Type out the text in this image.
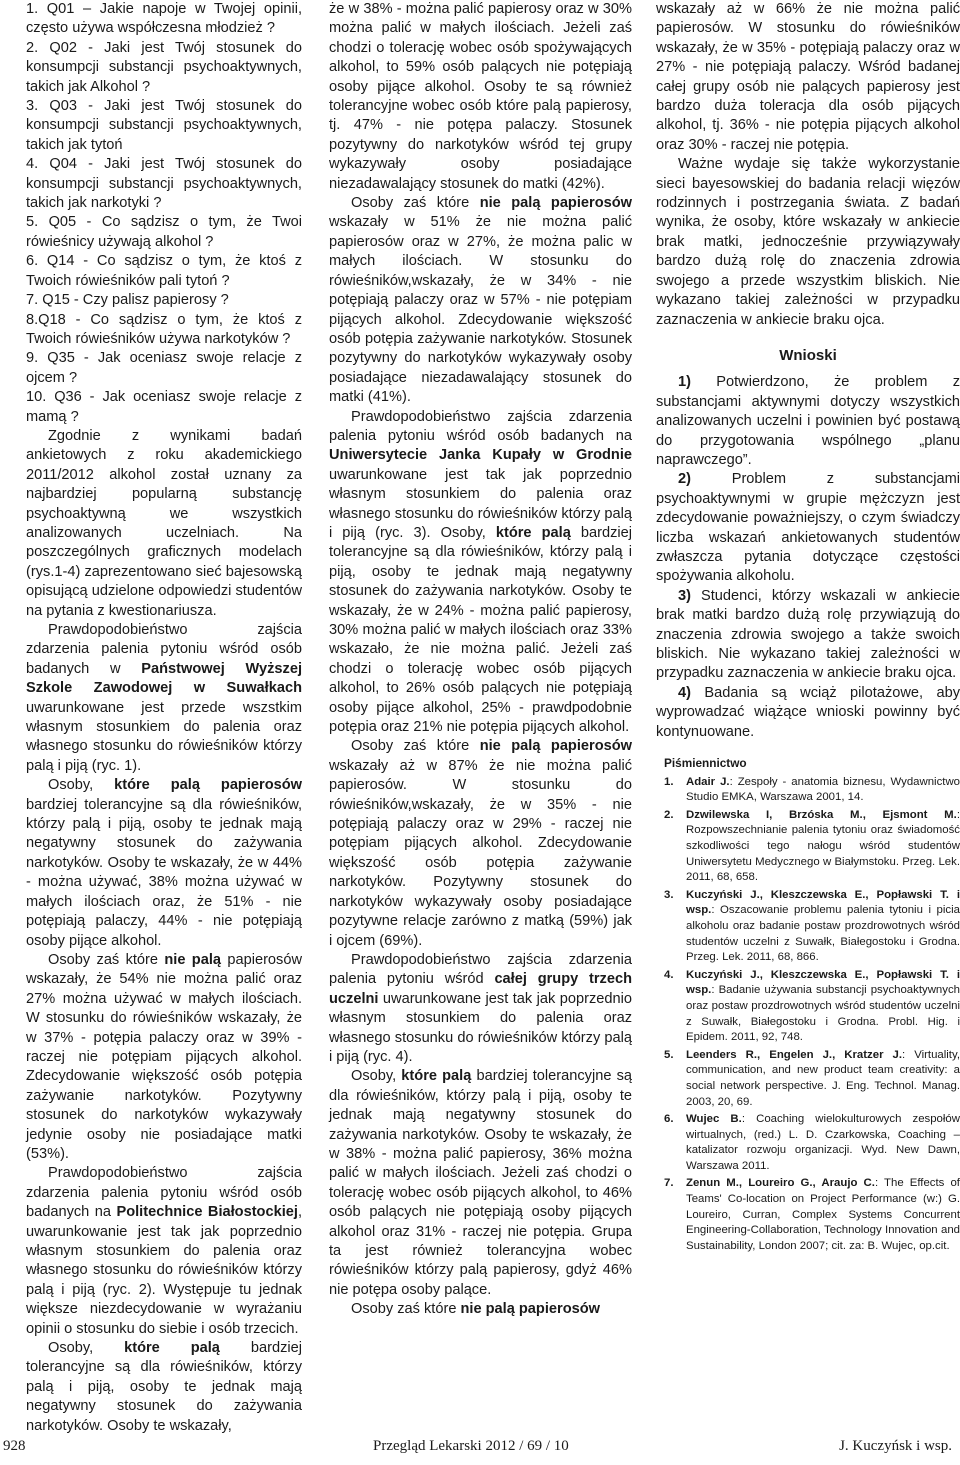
1. Q01 – Jakie napoje w Twojej opinii, często używa współczesna młodzież ?

2. Q02 - Jaki jest Twój stosunek do konsumpcji substancji psychoaktywnych, takich jak Alkohol ?

3. Q03 - Jaki jest Twój stosunek do konsumpcji substancji psychoaktywnych, takich jak tytoń

4. Q04 - Jaki jest Twój stosunek do konsumpcji substancji psychoaktywnych, takich jak narkotyki ?

5. Q05 - Co sądzisz o tym, że Twoi rówieśnicy używają alkohol ?

6. Q14 - Co sądzisz o tym, że ktoś z Twoich rówieśników pali tytoń ?

7. Q15 - Czy palisz papierosy ?

8.Q18 - Co sądzisz o tym, że ktoś z Twoich rówieśników używa narkotyków ?

9. Q35 - Jak oceniasz swoje relacje z ojcem ?

10. Q36 - Jak oceniasz swoje relacje z mamą ?

Zgodnie z wynikami badań ankietowych z roku akademickiego 2011/2012 alkohol został uznany za najbardziej popularną substancję psychoaktywną we wszystkich analizowanych uczelniach. Na poszczególnych graficznych modelach (rys.1-4) zaprezentowano sieć bajesowską opisującą udzielone odpowiedzi studentów na pytania z kwestionariusza.

Prawdopodobieństwo zajścia zdarzenia palenia pytoniu wśród osób badanych w Państwowej Wyższej Szkole Zawodowej w Suwałkach uwarunkowane jest przede wszstkim własnym stosunkiem do palenia oraz własnego stosunku do rówieśników którzy palą i piją (ryc. 1).

Osoby, które palą papierosów bardziej tolerancyjne są dla rówieśników, którzy palą i piją, osoby te jednak mają negatywny stosunek do zażywania narkotyków. Osoby te wskazały, że w 44% - można używać, 38% można używać w małych ilościach oraz, że 51% - nie potępiają palaczy, 44% - nie potępiają osoby pijące alkohol.

Osoby zaś które nie palą papierosów wskazały, że 54% nie można palić oraz 27% można używać w małych ilościach. W stosunku do rówieśników wskazały, że w 37% - potępia palaczy oraz w 39% - raczej nie potępiam pijących alkohol. Zdecydowanie większość osób potępia zażywanie narkotyków. Pozytywny stosunek do narkotyków wykazywały jedynie osoby nie posiadające matki (53%).

Prawdopodobieństwo zajścia zdarzenia palenia pytoniu wśród osób badanych na Politechnice Białostockiej, uwarunkowanie jest tak jak poprzednio własnym stosunkiem do palenia oraz własnego stosunku do rówieśników którzy palą i piją (ryc. 2). Występuje tu jednak większe niezdecydowanie w wyrażaniu opinii o stosunku do siebie i osób trzecich.

Osoby, które palą bardziej tolerancyjne są dla rówieśników, którzy palą i piją, osoby te jednak mają negatywny stosunek do zażywania narkotyków. Osoby te wskazały,

że w 38% - można palić papierosy oraz w 30% można palić w małych ilościach. Jeżeli zaś chodzi o tolerację wobec osób spożywających alkohol, to 59% osób palących nie potępiają osoby pijące alkohol. Osoby te są również tolerancyjne wobec osób które palą papierosy, tj. 47% - nie potępa palaczy. Stosunek pozytywny do narkotyków wśród tej grupy wykazywały osoby posiadające niezadawalający stosunek do matki (42%).

Osoby zaś które nie palą papierosów wskazały w 51% że nie można palić papierosów oraz w 27%, że można palic w małych ilościach. W stosunku do rówieśników,wskazały, że w 34% - nie potępiają palaczy oraz w 57% - nie potępiam pijących alkohol. Zdecydowanie większość osób potępia zażywanie narkotyków. Stosunek pozytywny do narkotyków wykazywały osoby posiadające niezadawalający stosunek do matki (41%).

Prawdopodobieństwo zajścia zdarzenia palenia pytoniu wśród osób badanych na Uniwersytecie Janka Kupały w Grodnie uwarunkowane jest tak jak poprzednio własnym stosunkiem do palenia oraz własnego stosunku do rówieśników którzy palą i piją (ryc. 3). Osoby, które palą bardziej tolerancyjne są dla rówieśników, którzy palą i piją, osoby te jednak mają negatywny stosunek do zażywania narkotyków. Osoby te wskazały, że w 24% - można palić papierosy, 30% można palić w małych ilościach oraz 33% wskazało, że nie można palić. Jeżeli zaś chodzi o tolerację wobec osób pijących alkohol, to 26% osób palących nie potępiają osoby pijące alkohol, 25% - prawdpodobnie potępia oraz 21% nie potępia pijących alkohol.

Osoby zaś które nie palą papierosów wskazały aż w 87% że nie można palić papierosów. W stosunku do rówieśników,wskazały, że w 35% - nie potępiają palaczy oraz w 29% - raczej nie potępiam pijących alkohol. Zdecydowanie większość osób potępia zażywanie narkotyków. Pozytywny stosunek do narkotyków wykazywały osoby posiadające pozytywne relacje zarówno z matką (59%) jak i ojcem (69%).

Prawdopodobieństwo zajścia zdarzenia palenia pytoniu wśród całej grupy trzech uczelni uwarunkowane jest tak jak poprzednio własnym stosunkiem do palenia oraz własnego stosunku do rówieśników którzy palą i piją (ryc. 4).

Osoby, które palą bardziej tolerancyjne są dla rówieśników, którzy palą i piją, osoby te jednak mają negatywny stosunek do zażywania narkotyków. Osoby te wskazały, że w 38% - można palić papierosy, 36% można palić w małych ilościach. Jeżeli zaś chodzi o tolerację wobec osób pijących alkohol, to 46% osób palących nie potępiają osoby pijących alkohol oraz 31% - raczej nie potępia. Grupa ta jest również tolerancyjna wobec rówieśników którzy palą papierosy, gdyż 46% nie potępa osoby palące.

Osoby zaś które nie palą papierosów

wskazały aż w 66% że nie można palić papierosów. W stosunku do rówieśników wskazały, że w 35% - potępiają palaczy oraz w 27% - nie potępiają palaczy. Wśród badanej całej grupy osób nie palących papierosy jest bardzo duża toleracja dla osób pijących alkohol, tj. 36% - nie potępia pijących alkohol oraz 30% - raczej nie potępia.

Ważne wydaje się także wykorzystanie sieci bayesowskiej do badania relacji więzów rodzinnych i postrzegania świata. Z badań wynika, że osoby, które wskazały w ankiecie brak matki, jednocześnie przywiązywały bardzo dużą rolę do znaczenia zdrowia swojego a przede wszystkim bliskich. Nie wykazano takiej zależności w przypadku zaznaczenia w ankiecie braku ojca.

Wnioski

1) Potwierdzono, że problem z substancjami aktywnymi dotyczy wszystkich analizowanych uczelni i powinien być postawą do przygotowania wspólnego „planu naprawczego”.

2) Problem z substancjami psychoaktywnymi w grupie mężczyzn jest zdecydowanie poważniejszy, o czym świadczy liczba wskazań ankietowanych studentów zwłaszcza pytania dotyczące częstości spożywania alkoholu.

3) Studenci, którzy wskazali w ankiecie brak matki bardzo dużą rolę przywiązują do znaczenia zdrowia swojego a także swoich bliskich. Nie wykazano takiej zależności w przypadku zaznaczenia w ankiecie braku ojca.

4) Badania są wciąż pilotażowe, aby wyprowadzać wiążące wnioski powinny być kontynuowane.

Piśmiennictwo
1. Adair J.: Zespoły - anatomia biznesu, Wydawnictwo Studio EMKA, Warszawa 2001, 14.
2. Dzwilewska I, Brzóska M., Ejsmont M.: Rozpowszechnianie palenia tytoniu oraz świadomość szkodliwości tego nałogu wśród studentów Uniwersytetu Medycznego w Białymstoku. Przeg. Lek. 2011, 68, 658.
3. Kuczyński J., Kleszczewska E., Popławski T. i wsp.: Oszacowanie problemu palenia tytoniu i picia alkoholu oraz badanie postaw prozdrowotnych wśród studentów uczelni z Suwałk, Białegostoku i Grodna. Przeg. Lek. 2011, 68, 866.
4. Kuczyński J., Kleszczewska E., Popławski T. i wsp.: Badanie używania substancji psychoaktywnych oraz postaw prozdrowotnych wśród studentów uczelni z Suwałk, Białegostoku i Grodna. Probl. Hig. i Epidem. 2011, 92, 748.
5. Leenders R., Engelen J., Kratzer J.: Virtuality, communication, and new product team creativity: a social network perspective. J. Eng. Technol. Manag. 2003, 20, 69.
6. Wujec B.: Coaching wielokulturowych zespołów wirtualnych, (red.) L. D. Czarkowska, Coaching – katalizator rozwoju organizacji. Wyd. New Dawn, Warszawa 2011.
7. Zenun M., Loureiro G., Araujo C.: The Effects of Teams' Co-location on Project Performance (w:) G. Loureiro, Curran, Complex Systems Concurrent Engineering-Collaboration, Technology Innovation and Sustainability, London 2007; cit. za: B. Wujec, op.cit.
928	Przegląd Lekarski 2012 / 69 / 10	J. Kuczyńsk i wsp.
